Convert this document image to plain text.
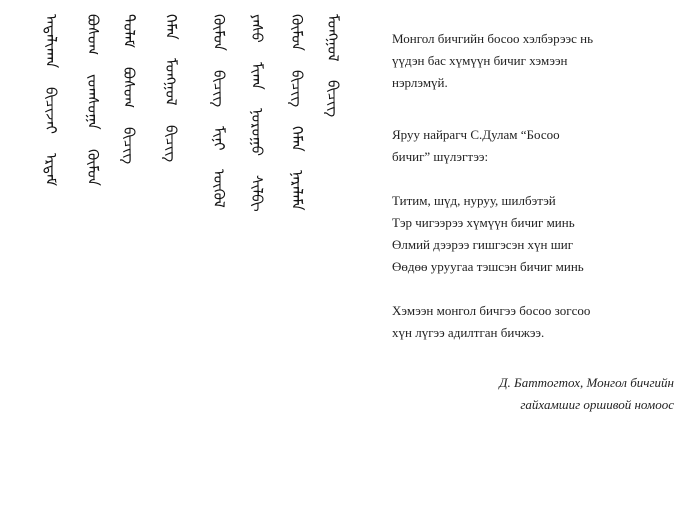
ᠮᠣᠩᠭᠣᠯ ᠪᠢᠴᠢᠭ
ᠬᠦᠮᠦᠨ ᠪᠢᠴᠢᠭ ᠬᠡᠮᠡᠨ ᠨᠡᠷᠡᠯᠡᠮᠡ
ᠶᠠᠰᠤ ᠮᠢᠬᠠ ᠨᠤᠷᠤᠭᠤ ᠰᠢᠯᠪᠢ
ᠬᠥᠮᠦᠨ ᠪᠢᠴᠢᠭ ᠮᠢᠨᠢ ᠦᠬᠦᠯ
ᠬᠡᠮᠡᠨ ᠮᠣᠩᠭᠣᠯ ᠪᠢᠴᠢᠭ
ᠳᠤᠯᠠᠮ ᠪᠣᠰᠤᠭ ᠪᠢᠴᠢᠭ
ᠪᠣᠰᠤᠭ ᠵᠣᠭᠰᠤᠭᠠ ᠬᠦᠮᠦᠨ
ᠠᠳᠠᠯᠢᠬᠠᠨ ᠪᠢᠴᠢᠵᠡᠢ ᠡᠷᠳᠡᠮ

Монгол бичгийн босоо хэлбэрээс нь

үүдэн бас хүмүүн бичиг хэмээн

нэрлэмүй.

Яруу найрагч С.Дулам “Босоо

бичиг” шүлэгтээ:

Титим, шүд, нуруу, шилбэтэй

Тэр чигээрээ хүмүүн бичиг минь

Өлмий дээрээ гишгэсэн хүн шиг

Өөдөө уруугаа тэшсэн бичиг минь

Хэмээн монгол бичгээ босоо зогсоо

хүн лүгээ адилтган бичжээ.

Д. Баттогтох, Монгол бичгийн

гайхамшиг оршивой номоос
